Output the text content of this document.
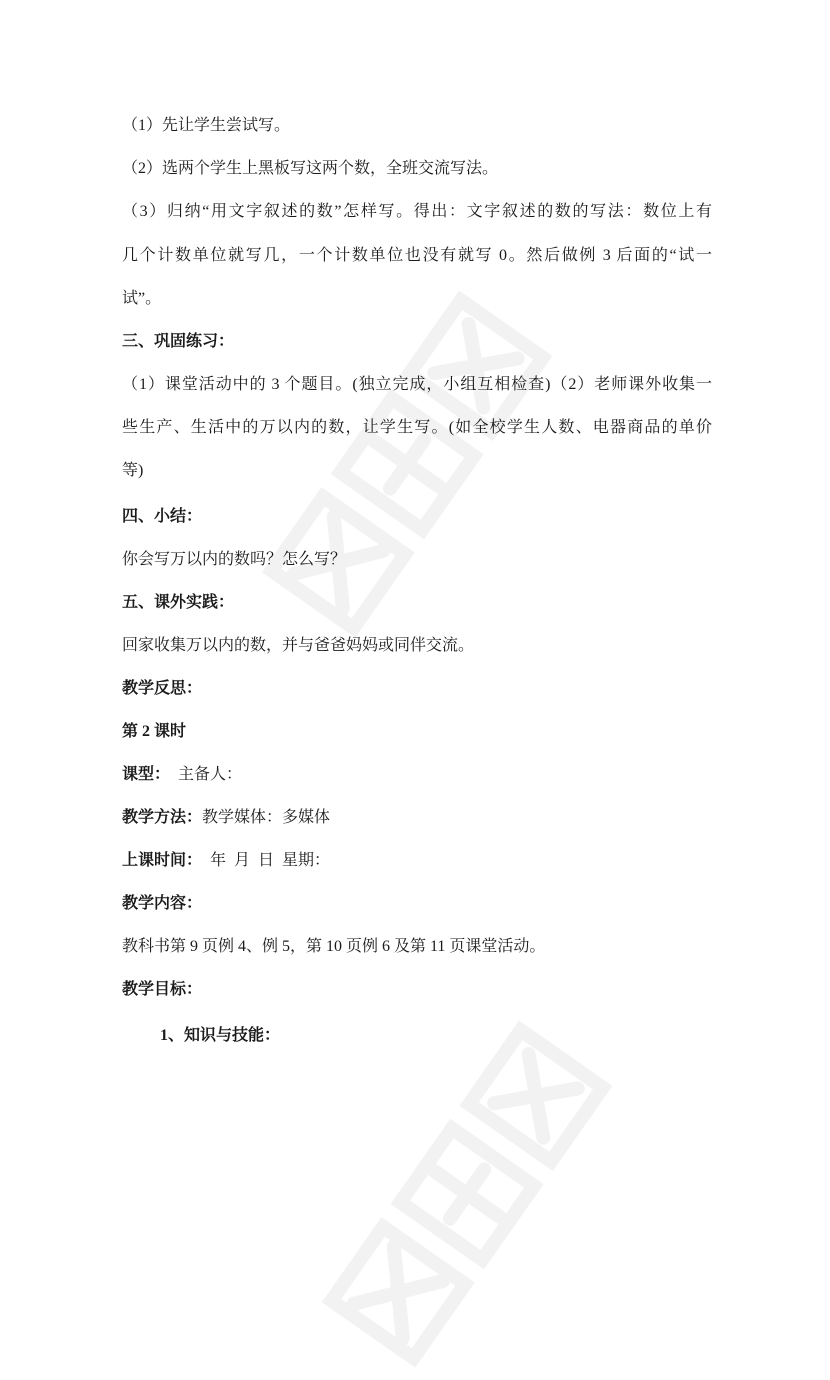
（1）先让学生尝试写。
（2）选两个学生上黑板写这两个数，全班交流写法。
（3）归纳“用文字叙述的数”怎样写。得出：文字叙述的数的写法：数位上有
几个计数单位就写几，一个计数单位也没有就写 0。然后做例 3 后面的“试一
试”。
三、巩固练习：
（1）课堂活动中的 3 个题目。(独立完成，小组互相检查)（2）老师课外收集一
些生产、生活中的万以内的数，让学生写。(如全校学生人数、电器商品的单价
等)
四、小结：
你会写万以内的数吗？怎么写？
五、课外实践：
回家收集万以内的数，并与爸爸妈妈或同伴交流。
教学反思：
第 2 课时
课型：  主备人：
教学方法：教学媒体：多媒体
上课时间：  年  月  日  星期：
教学内容：
教科书第 9 页例 4、例 5，第 10 页例 6 及第 11 页课堂活动。
教学目标：
1、知识与技能：
